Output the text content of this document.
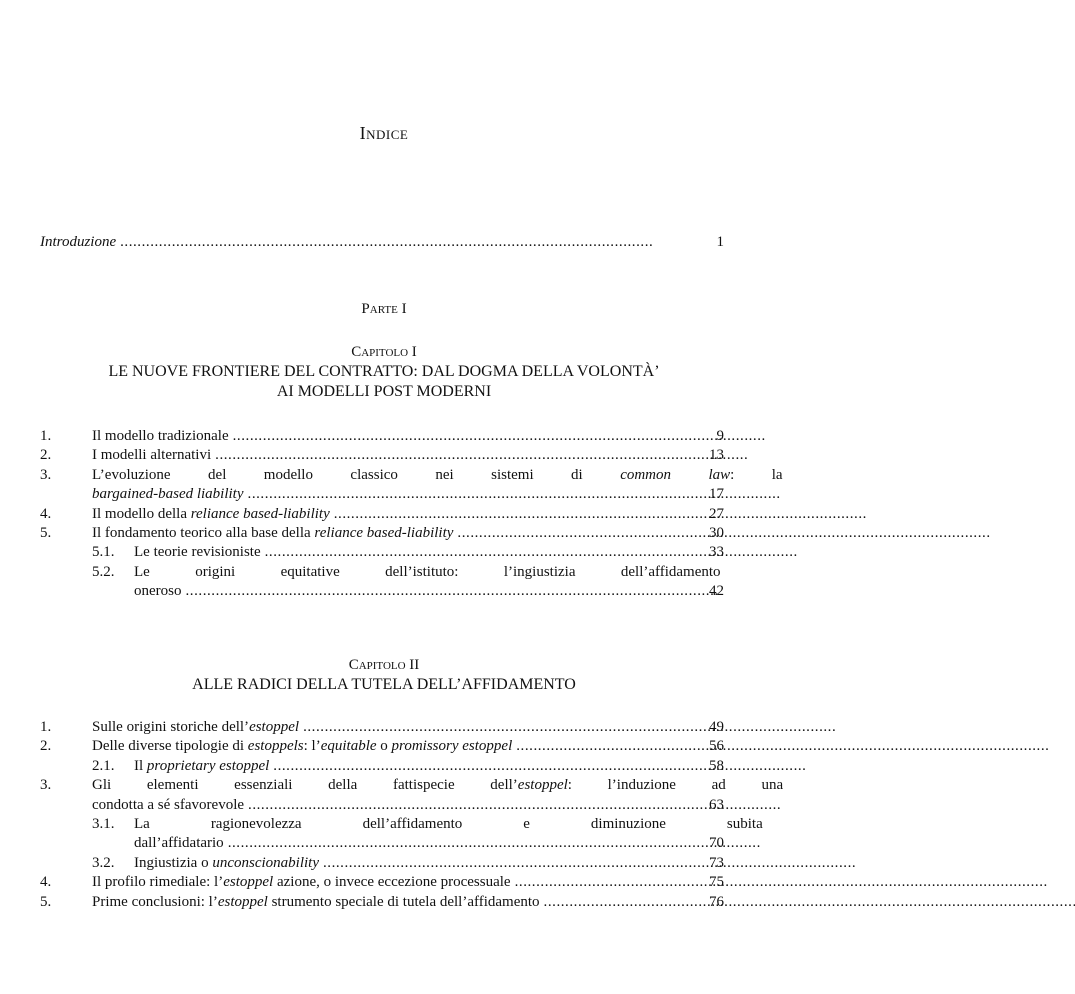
Indice
Introduzione . . .	1
Parte I
Capitolo I
LE NUOVE FRONTIERE DEL CONTRATTO: DAL DOGMA DELLA VOLONTÀ’
AI MODELLI POST MODERNI
1.	Il modello tradizionale . . .	9
2.	I modelli alternativi . . .	13
3.	L’evoluzione del modello classico nei sistemi di common law: la
bargained-based liability . . .	17
4.	Il modello della reliance based-liability . . .	27
5.	Il fondamento teorico alla base della reliance based-liability . . .	30
5.1.	Le teorie revisioniste . . .	33
5.2.	Le origini equitative dell’istituto: l’ingiustizia dell’affidamento
oneroso . . .	42
Capitolo II
ALLE RADICI DELLA TUTELA DELL’AFFIDAMENTO
1.	Sulle origini storiche dell’estoppel . . .	49
2.	Delle diverse tipologie di estoppels: l’equitable o promissory estoppel . . .	56
2.1.	Il proprietary estoppel . . .	58
3.	Gli elementi essenziali della fattispecie dell’estoppel: l’induzione ad una
condotta a sé sfavorevole . . .	63
3.1.	La ragionevolezza dell’affidamento e diminuzione subita
dall’affidatario . . .	70
3.2.	Ingiustizia o unconscionability . . .	73
4.	Il profilo rimediale: l’estoppel azione, o invece eccezione processuale . . .	75
5.	Prime conclusioni: l’estoppel strumento speciale di tutela dell’affidamento . . .	76
